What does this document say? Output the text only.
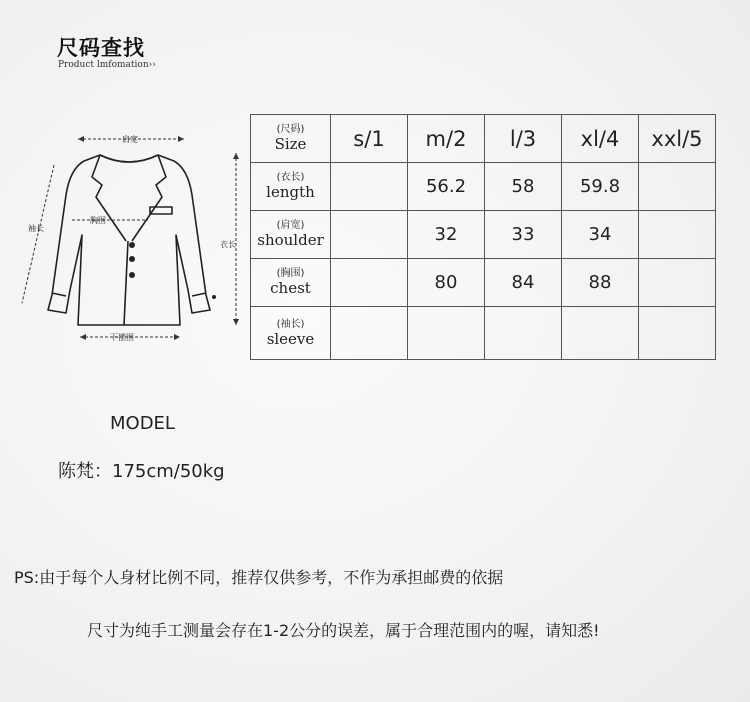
尺码查找
Product lmfomation››
肩宽
胸围
袖长
衣长
下摆围
(尺码)
Size	s/1	m/2	l/3	xl/4	xxl/5

(衣长)
length		56.2	58	59.8	

(肩宽)
shoulder		32	33	34	

(胸围)
chest		80	84	88	

(袖长)
sleeve					

MODEL
陈梵：175cm/50kg
PS:由于每个人身材比例不同，推荐仅供参考，不作为承担邮费的依据
尺寸为纯手工测量会存在1-2公分的误差，属于合理范围内的喔，请知悉!
